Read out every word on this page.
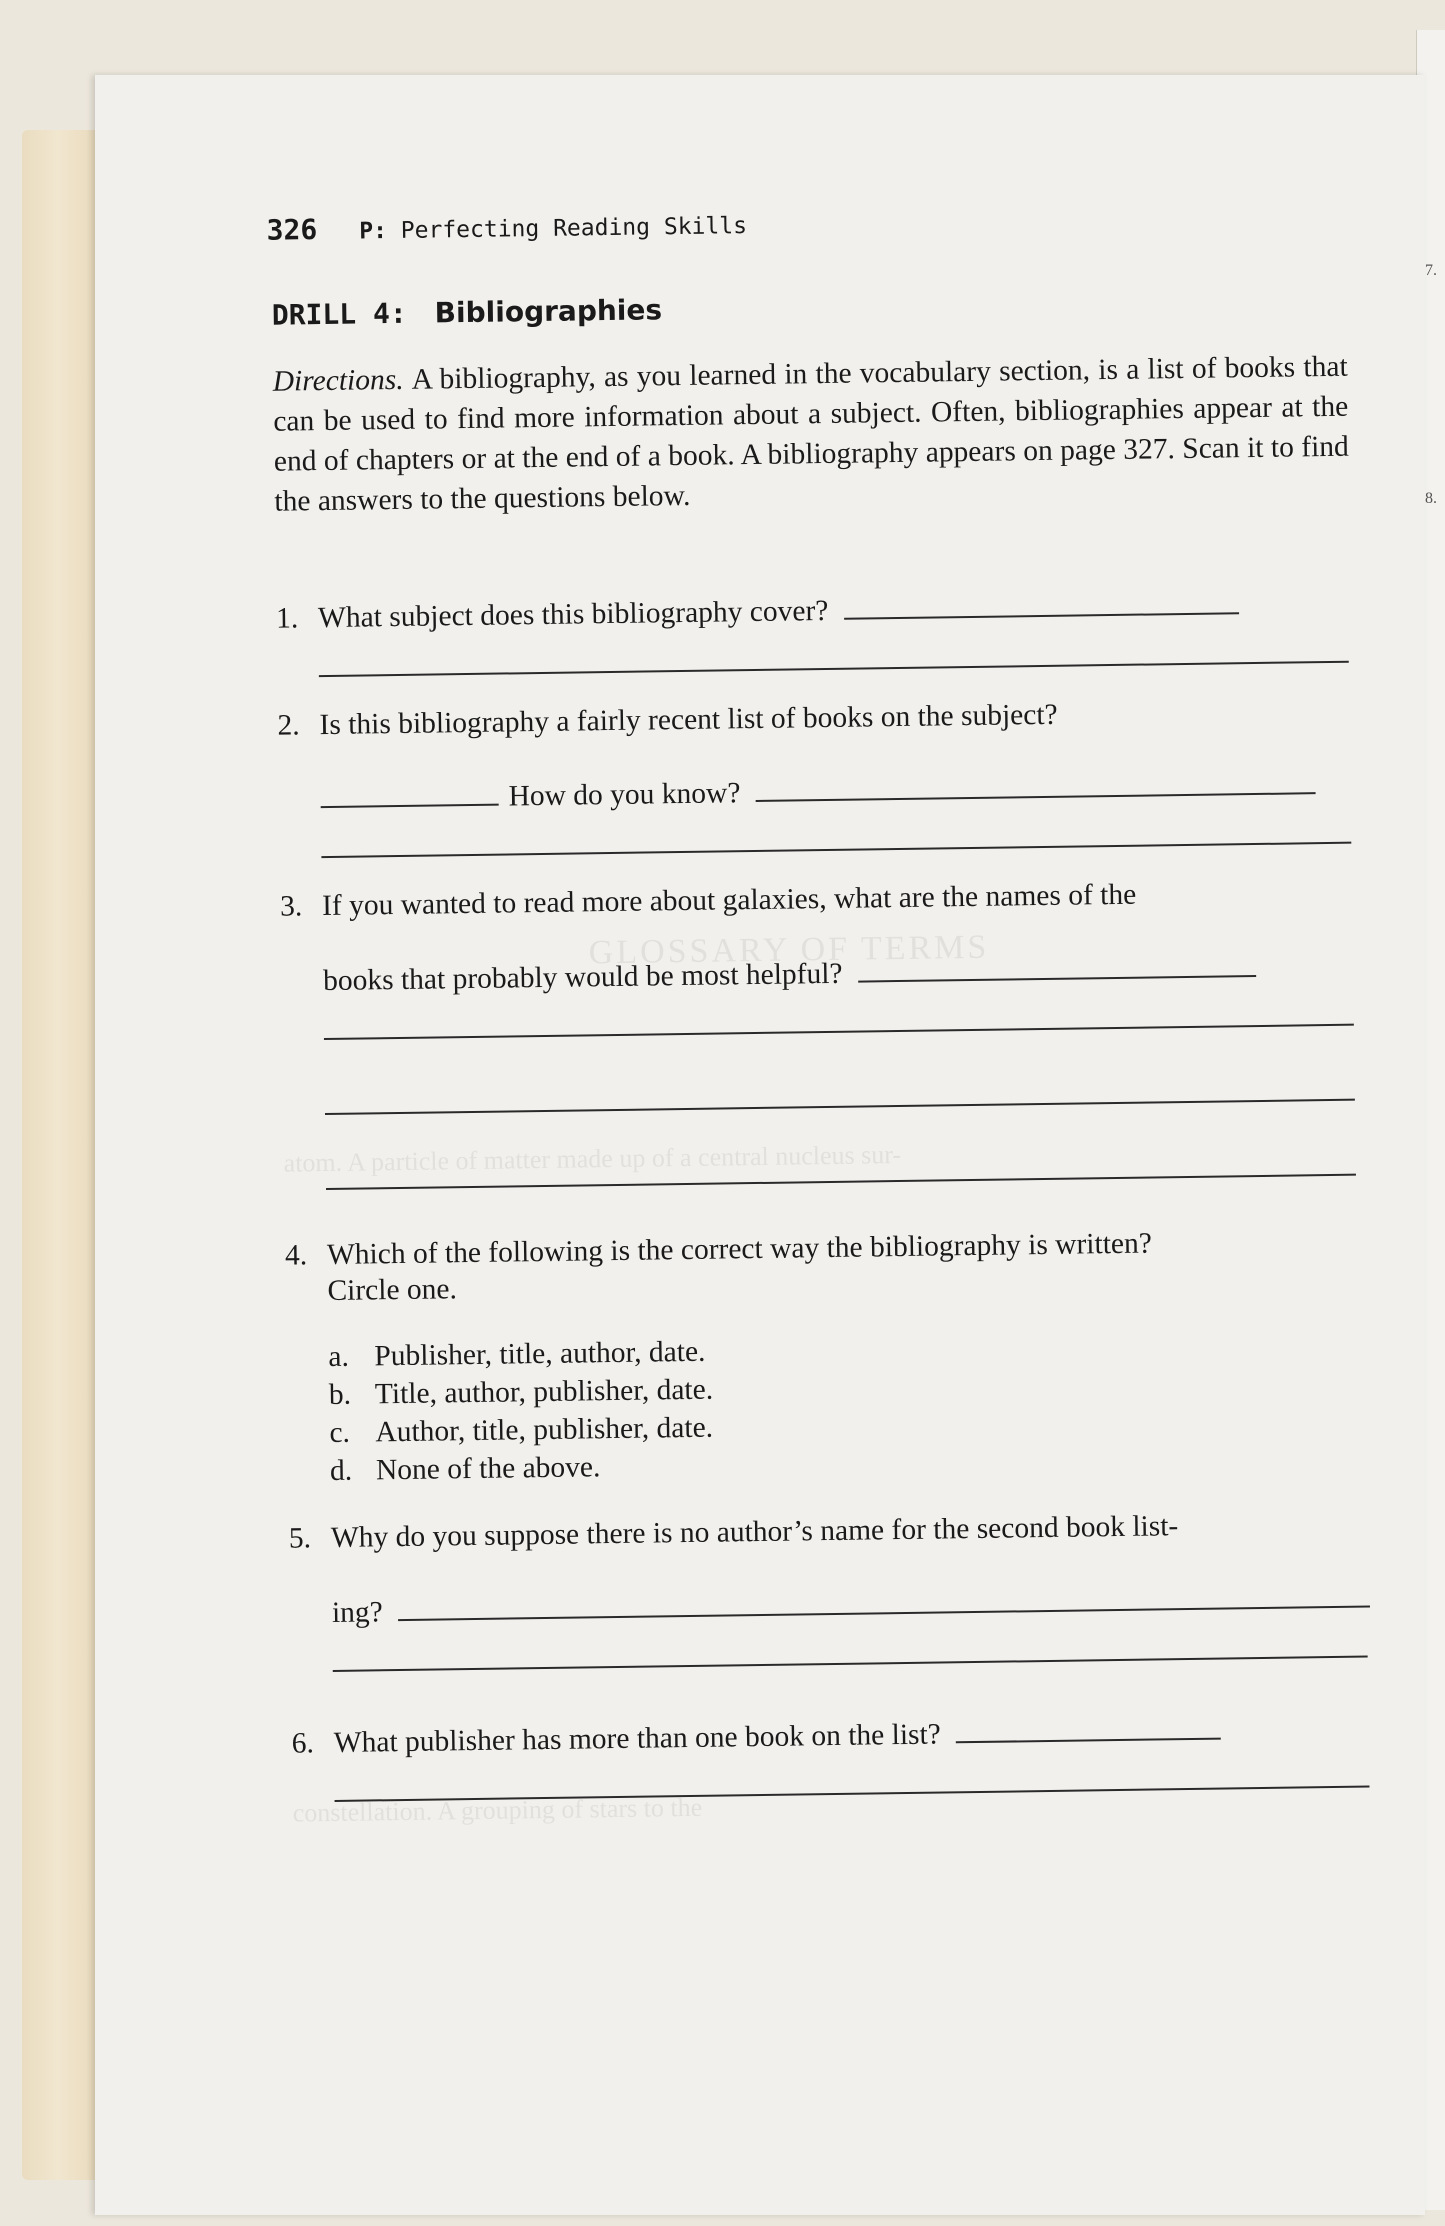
7.
8.
GLOSSARY OF TERMS
atom. A particle of matter made up of a central nucleus sur-
constellation. A grouping of stars to the
326 P: Perfecting Reading Skills
DRILL 4: Bibliographies
Directions. A bibliography, as you learned in the vocabulary section, is a list of books that can be used to find more information about a subject. Often, bibliographies appear at the end of chapters or at the end of a book. A bibliography appears on page 327. Scan it to find the answers to the questions below.
1. What subject does this bibliography cover?
2. Is this bibliography a fairly recent list of books on the subject?
How do you know?
3. If you wanted to read more about galaxies, what are the names of the
books that probably would be most helpful?
4. Which of the following is the correct way the bibliography is written?
Circle one.
a. Publisher, title, author, date.
b. Title, author, publisher, date.
c. Author, title, publisher, date.
d. None of the above.
5. Why do you suppose there is no author’s name for the second book list-
ing?
6. What publisher has more than one book on the list?
